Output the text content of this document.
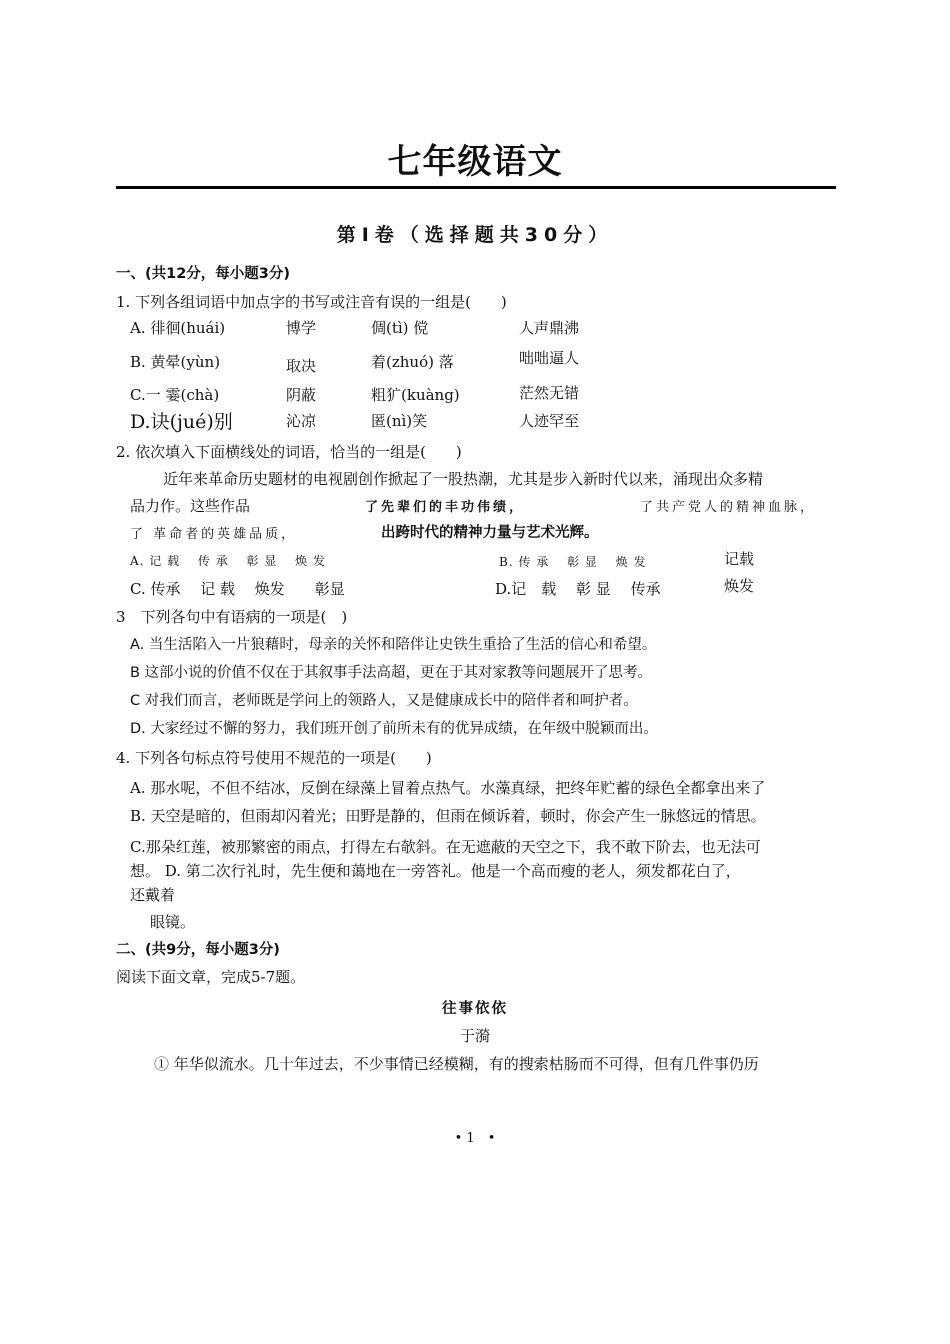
七年级语文
第Ⅰ卷（选择题共30分）
一、(共12分，每小题3分)
1. 下列各组词语中加点字的书写或注音有误的一组是(　　)
A. 徘徊(huái)	博学	倜(tì) 傥	人声鼎沸
B. 黄晕(yùn)	取决	着(zhuó) 落	咄咄逼人
C.一 霎(chà)	阴蔽	粗犷(kuàng)	茫然无错
D.诀(jué)别	沁凉	匿(nì)笑	人迹罕至
2. 依次填入下面横线处的词语，恰当的一组是(　　)
近年来革命历史题材的电视剧创作掀起了一股热潮，尤其是步入新时代以来，涌现出众多精
品力作。这些作品	了先辈们的丰功伟绩，	了共产党人的精神血脉，
了 革命者的英雄品质，	出跨时代的精神力量与艺术光辉。
A. 记 载　 传 承　 彰 显　 焕 发	B. 传 承　 彰 显　 焕 发	记载
C. 传承　 记 载　 焕发　　彰显	D.记　载　 彰 显　 传承	焕发
3　下列各句中有语病的一项是(　)
A. 当生活陷入一片狼藉时，母亲的关怀和陪伴让史铁生重拾了生活的信心和希望。
B 这部小说的价值不仅在于其叙事手法高超，更在于其对家教等问题展开了思考。
C 对我们而言，老师既是学问上的领路人，又是健康成长中的陪伴者和呵护者。
D. 大家经过不懈的努力，我们班开创了前所未有的优异成绩，在年级中脱颖而出。
4. 下列各句标点符号使用不规范的一项是(　　)
A. 那水呢，不但不结冰，反倒在绿藻上冒着点热气。水藻真绿，把终年贮蓄的绿色全都拿出来了
B. 天空是暗的，但雨却闪着光；田野是静的，但雨在倾诉着，顿时，你会产生一脉悠远的情思。
C.那朵红莲，被那繁密的雨点，打得左右欹斜。在无遮蔽的天空之下，我不敢下阶去，也无法可
想。 D. 第二次行礼时，先生便和蔼地在一旁答礼。他是一个高而瘦的老人，须发都花白了，
还戴着
眼镜。
二、(共9分，每小题3分)
阅读下面文章，完成5-7题。
往事依依
于漪
① 年华似流水。几十年过去，不少事情已经模糊，有的搜索枯肠而不可得，但有几件事仍历
• 1　•
